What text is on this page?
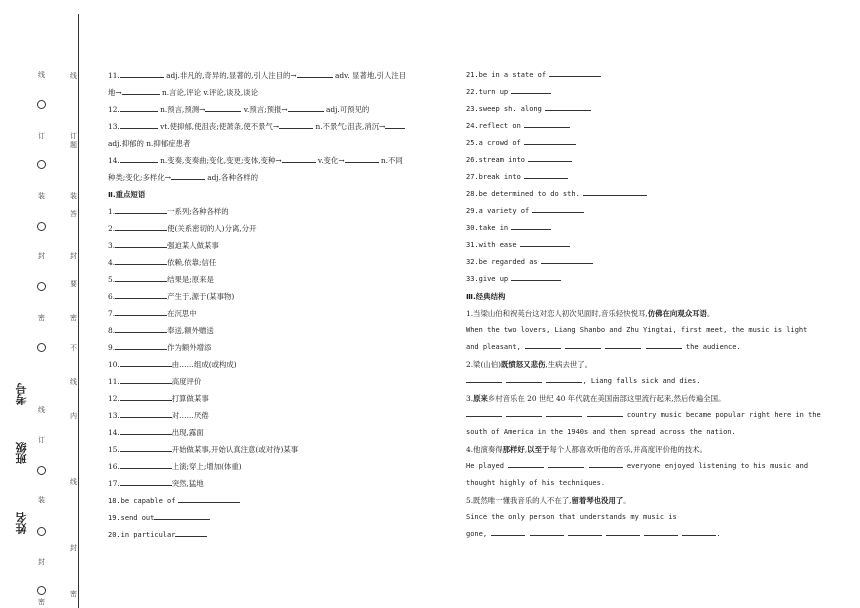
线
订
装
封
密
线
订
装
封
密
线
订
题
装
答
封
要
密
不
线
内
线
封
密
考号
班级
姓名
11.	adj.非凡的,奇异的,显著的,引人注目的→	adv. 显著地,引人注目
地→	n.言论,评论 v.评论,谈及,谈论
12.	n.预言,预测→	v.预言;预报→	adj.可预见的
13.	vt.使抑郁,使沮丧;使萧条,使不景气→	n.不景气;沮丧,消沉→
adj.抑郁的 n.抑郁症患者
14.	n.变奏,变奏曲;变化,变更;变体,变种→	v.变化→	n.不同
种类;变化;多样化→	adj.各种各样的
Ⅱ.重点短语
1.	一系列;各种各样的
2.	使(关系密切的人)分离,分开
3.	强迫某人做某事
4.	依赖,依靠;信任
5.	结果是;原来是
6.	产生于,源于(某事物)
7.	在沉思中
8.	奉送,额外赠送
9.	作为额外增添
10.	由……组成(或构成)
11.	高度评价
12.	打算做某事
13.	对……厌倦
14.	出现,露面
15.	开始做某事,开始认真注意(或对待)某事
16.	上演;穿上;增加(体重)
17.	突然,猛地
18.be capable of
19.send out
20.in particular
21.be in a state of
22.turn up
23.sweep sh. along
24.reflect on
25.a crowd of
26.stream into
27.break into
28.be determined to do sth.
29.a variety of
30.take in
31.with ease
32.be regarded as
33.give up
Ⅲ.经典结构
1.当梁山伯和祝英台这对恋人初次见面时,音乐轻快悦耳,仿佛在向观众耳语。
When the two lovers, Liang Shanbo and Zhu Yingtai, first meet, the music is light
and pleasant,	the audience.
2.梁(山伯)既愤怒又悲伤,生病去世了。
, Liang falls sick and dies.
3.原来乡村音乐在 20 世纪 40 年代就在美国南部这里流行起来,然后传遍全国。
country music became popular right here in the
south of America in the 1940s and then spread across the nation.
4.他演奏得那样好,以至于每个人都喜欢听他的音乐,并高度评价他的技术。
He played	everyone enjoyed listening to his music and
thought highly of his techniques.
5.既然唯一懂我音乐的人不在了,留着琴也没用了。
Since the only person that understands my music is
gone,	.
